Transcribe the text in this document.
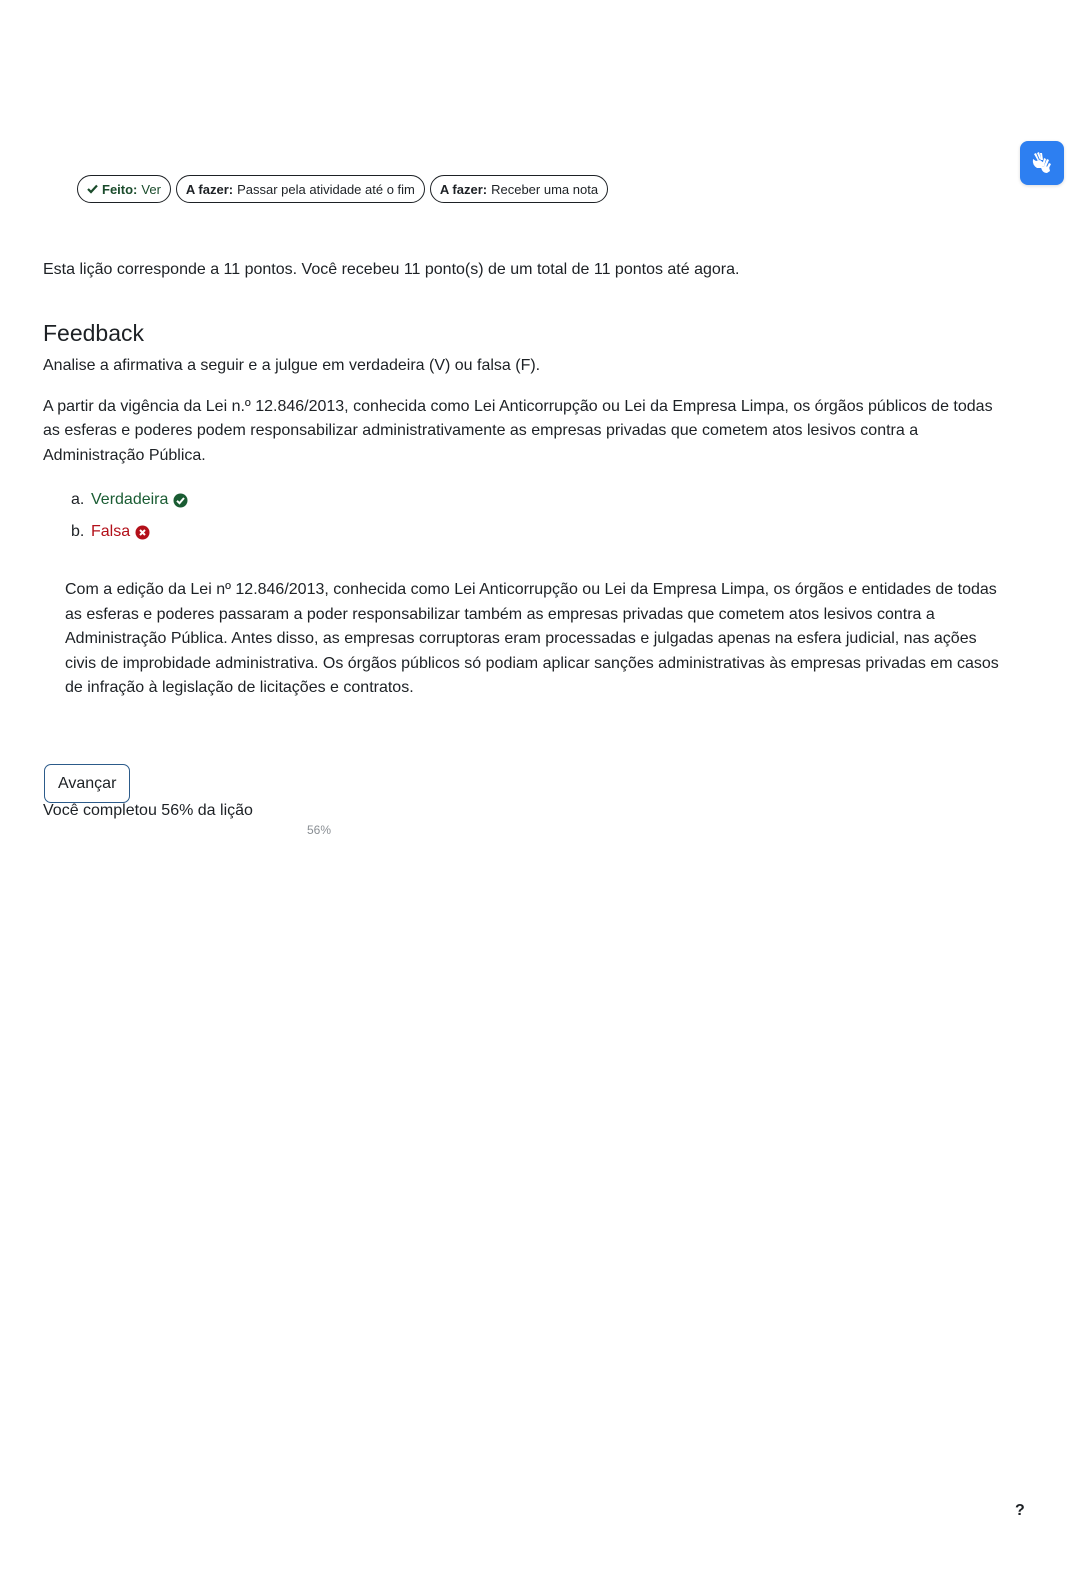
Feito: Ver A fazer: Passar pela atividade até o fim A fazer: Receber uma nota

Esta lição corresponde a 11 pontos. Você recebeu 11 ponto(s) de um total de 11 pontos até agora.

Feedback

Analise a afirmativa a seguir e a julgue em verdadeira (V) ou falsa (F).

A partir da vigência da Lei n.º 12.846/2013, conhecida como Lei Anticorrupção ou Lei da Empresa Limpa, os órgãos públicos de todas as esferas e poderes podem responsabilizar administrativamente as empresas privadas que cometem atos lesivos contra a Administração Pública.

a. Verdadeira
b. Falsa

Com a edição da Lei nº 12.846/2013, conhecida como Lei Anticorrupção ou Lei da Empresa Limpa, os órgãos e entidades de todas as esferas e poderes passaram a poder responsabilizar também as empresas privadas que cometem atos lesivos contra a Administração Pública. Antes disso, as empresas corruptoras eram processadas e julgadas apenas na esfera judicial, nas ações civis de improbidade administrativa. Os órgãos públicos só podiam aplicar sanções administrativas às empresas privadas em casos de infração à legislação de licitações e contratos.

Avançar
Você completou 56% da lição
56%
?
